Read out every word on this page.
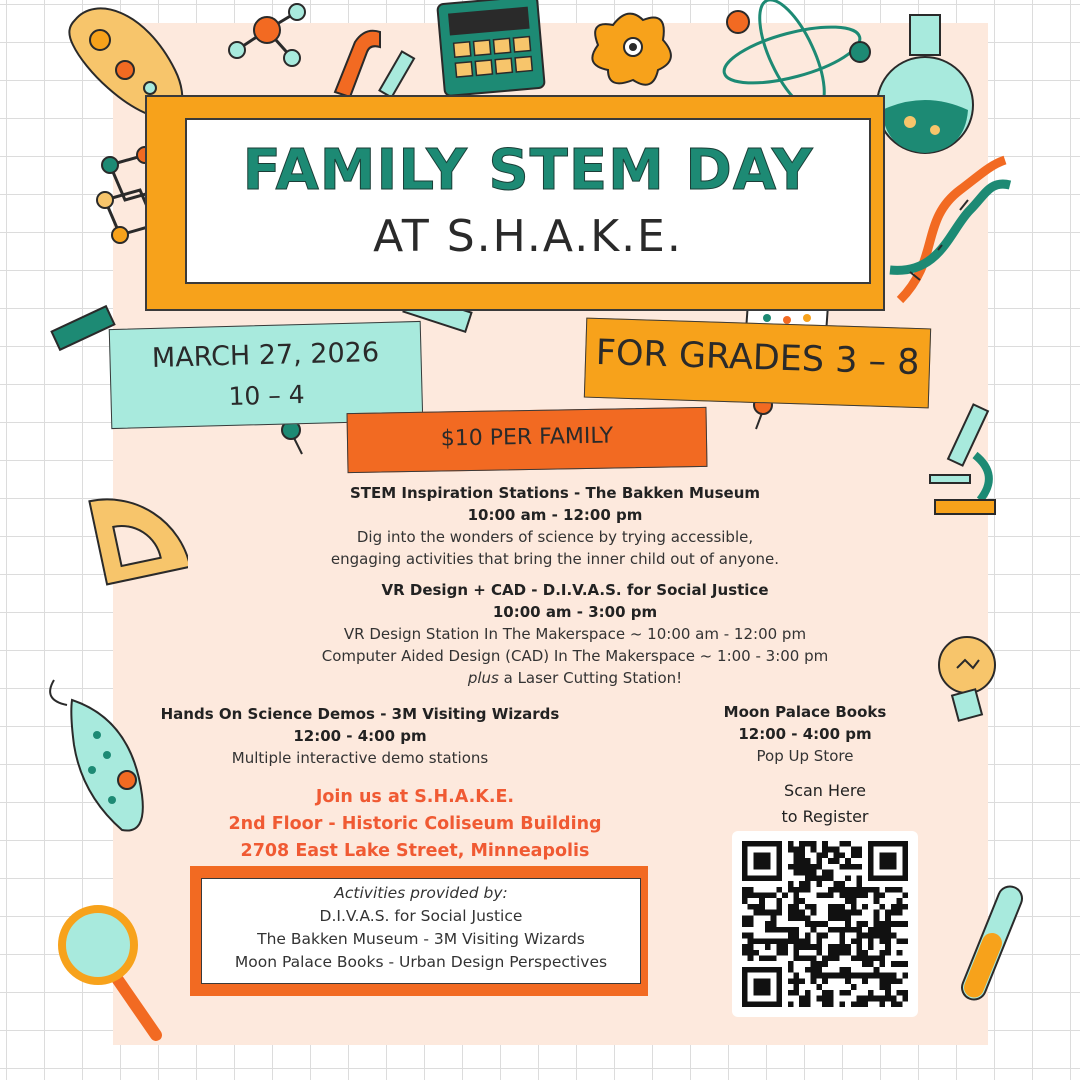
FAMILY STEM DAY
AT S.H.A.K.E.
MARCH 27, 2026
10 – 4
FOR GRADES 3 – 8
$10 PER FAMILY
STEM Inspiration Stations - The Bakken Museum
10:00 am - 12:00 pm
Dig into the wonders of science by trying accessible,
engaging activities that bring the inner child out of anyone.
VR Design + CAD - D.I.V.A.S. for Social Justice
10:00 am - 3:00 pm
VR Design Station In The Makerspace ~ 10:00 am - 12:00 pm
Computer Aided Design (CAD) In The Makerspace ~ 1:00 - 3:00 pm
plus a Laser Cutting Station!
Hands On Science Demos - 3M Visiting Wizards
12:00 - 4:00 pm
Multiple interactive demo stations
Moon Palace Books
12:00 - 4:00 pm
Pop Up Store
Join us at S.H.A.K.E.
2nd Floor - Historic Coliseum Building
2708 East Lake Street, Minneapolis
Activities provided by:
D.I.V.A.S. for Social Justice
The Bakken Museum - 3M Visiting Wizards
Moon Palace Books - Urban Design Perspectives
Scan Here
to Register
